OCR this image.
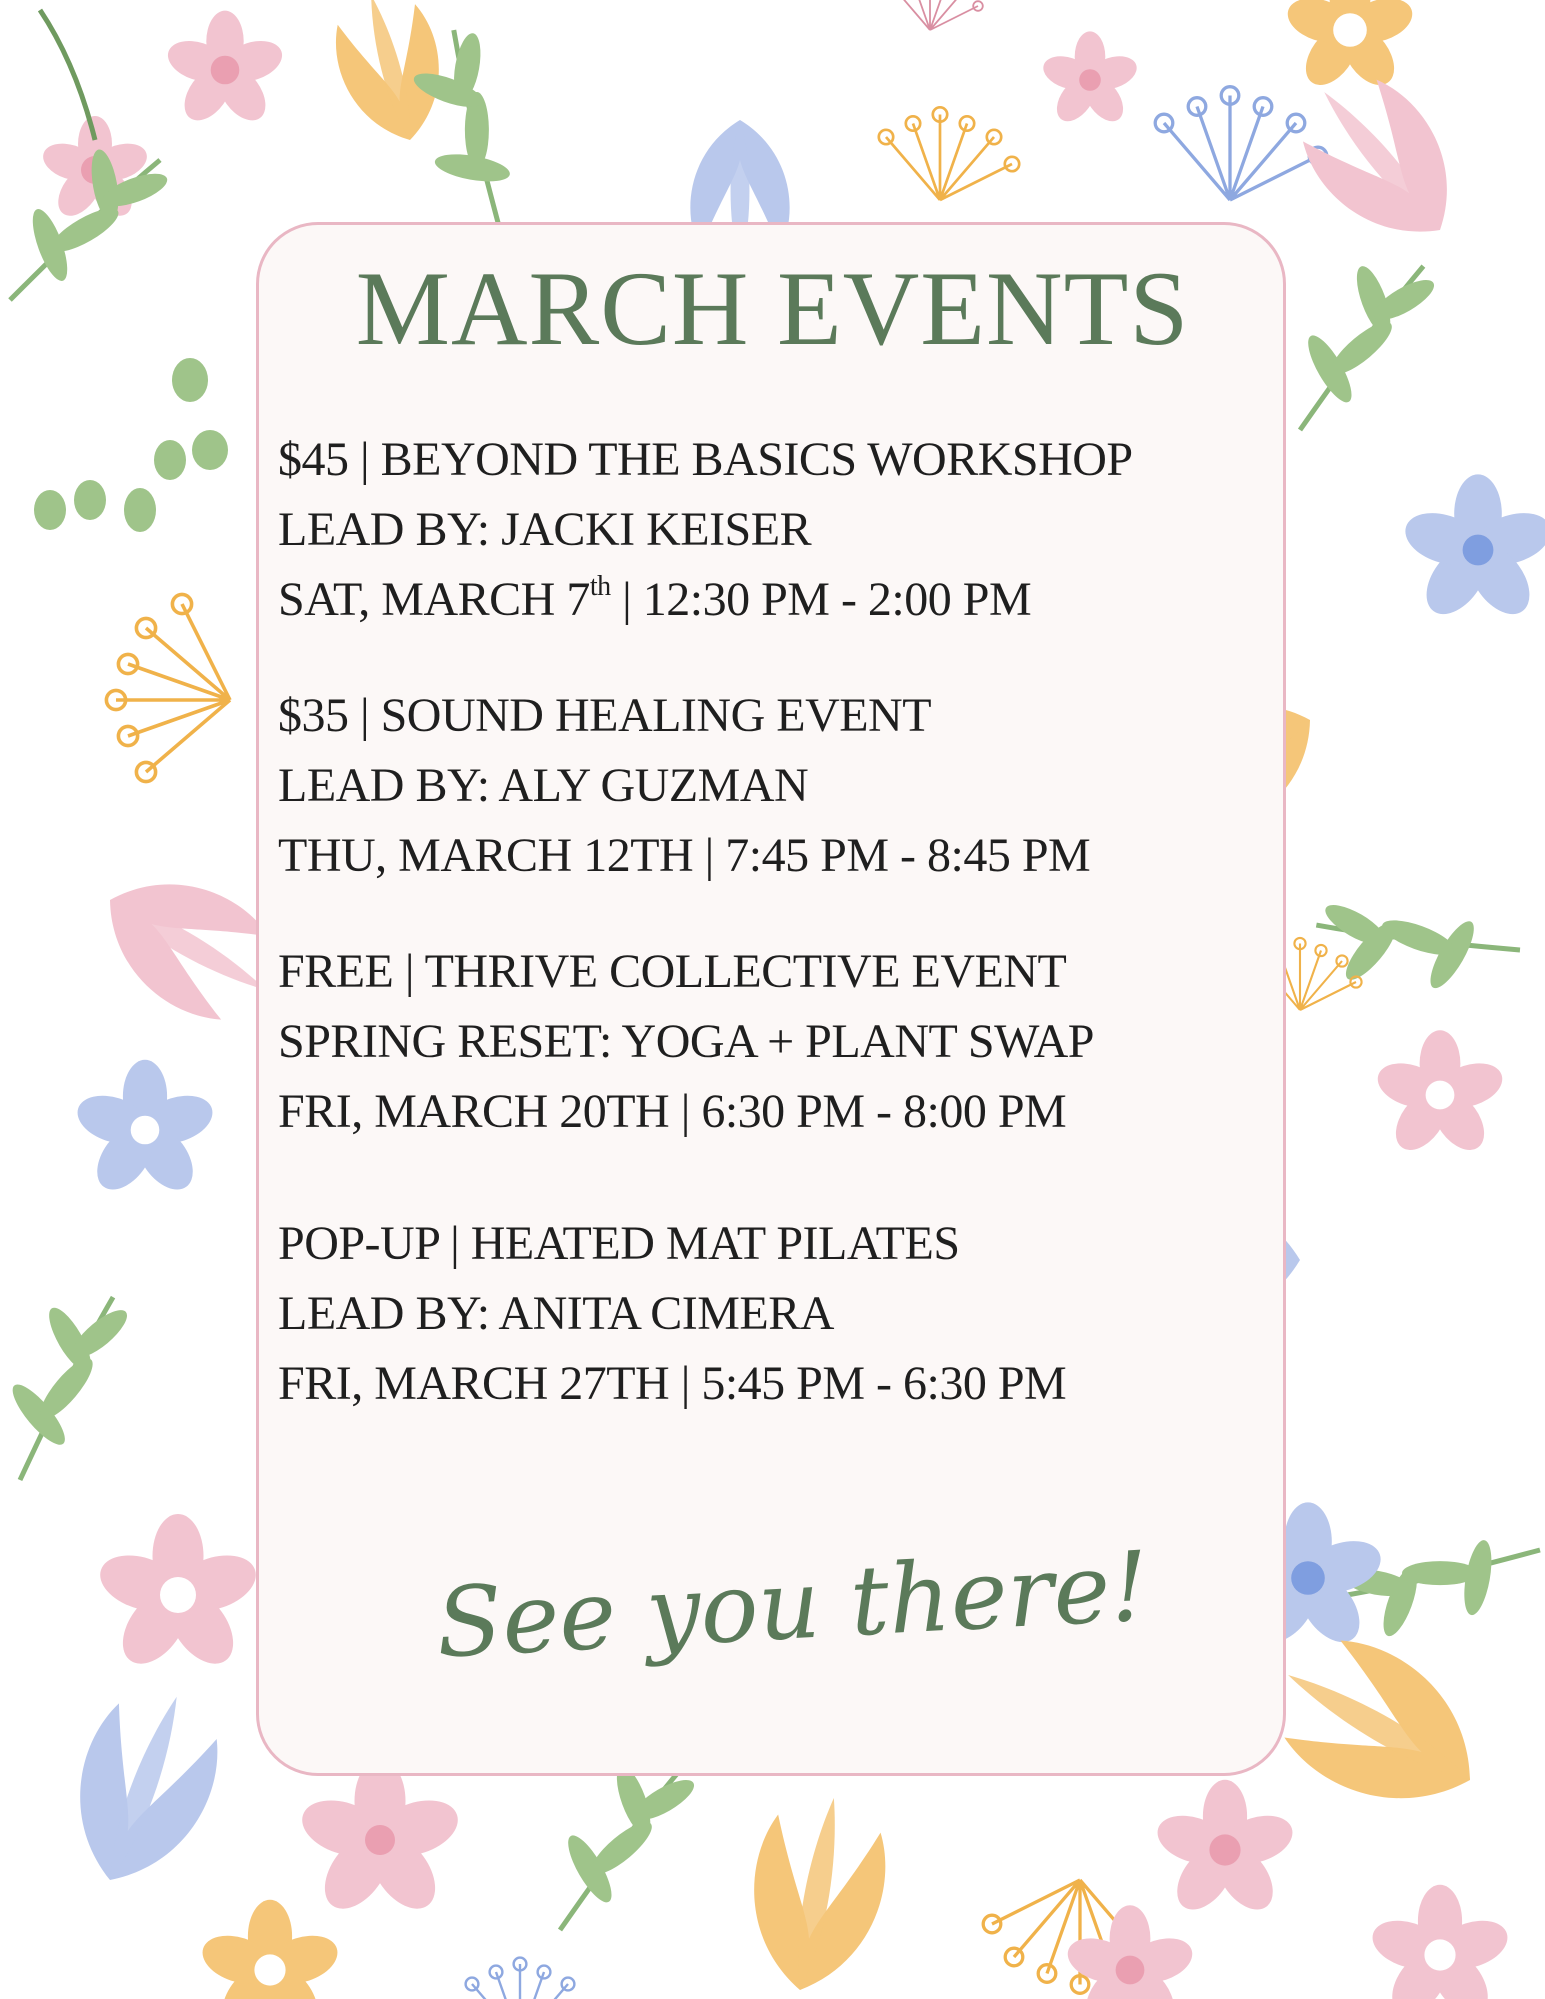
MARCH EVENTS
$45 | BEYOND THE BASICS WORKSHOP
LEAD BY: JACKI KEISER
SAT, MARCH 7th | 12:30 PM - 2:00 PM
$35 | SOUND HEALING EVENT
LEAD BY: ALY GUZMAN
THU, MARCH 12TH | 7:45 PM - 8:45 PM
FREE | THRIVE COLLECTIVE EVENT
SPRING RESET: YOGA + PLANT SWAP
FRI, MARCH 20TH | 6:30 PM - 8:00 PM
POP-UP | HEATED MAT PILATES
LEAD BY: ANITA CIMERA
FRI, MARCH 27TH | 5:45 PM - 6:30 PM
See you there!
